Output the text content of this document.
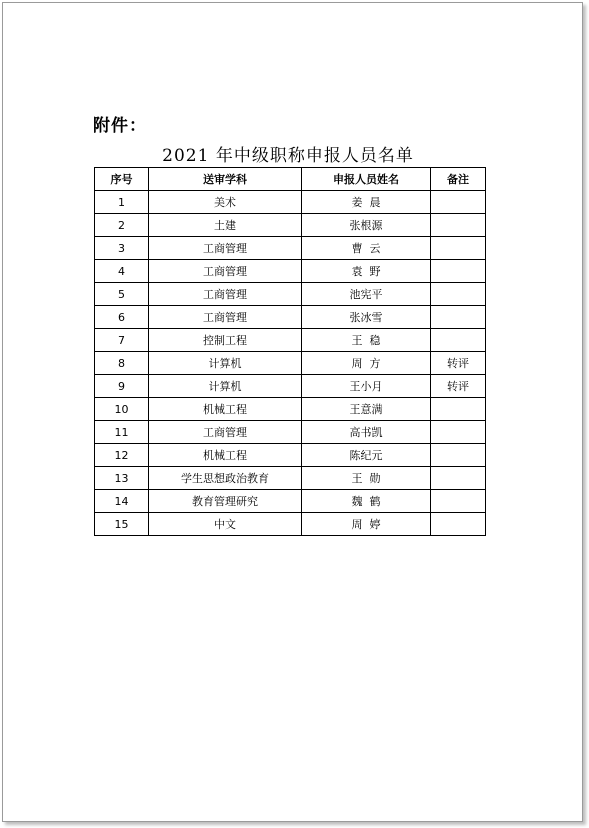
附件：
2021 年中级职称申报人员名单
序号	送审学科	申报人员姓名	备注
1	美术	姜  晨	
2	土建	张根源	
3	工商管理	曹  云	
4	工商管理	袁  野	
5	工商管理	池宪平	
6	工商管理	张冰雪	
7	控制工程	王  稳	
8	计算机	周  方	转评
9	计算机	王小月	转评
10	机械工程	王意满	
11	工商管理	高书凯	
12	机械工程	陈纪元	
13	学生思想政治教育	王  勋	
14	教育管理研究	魏  鹤	
15	中文	周  婷	
